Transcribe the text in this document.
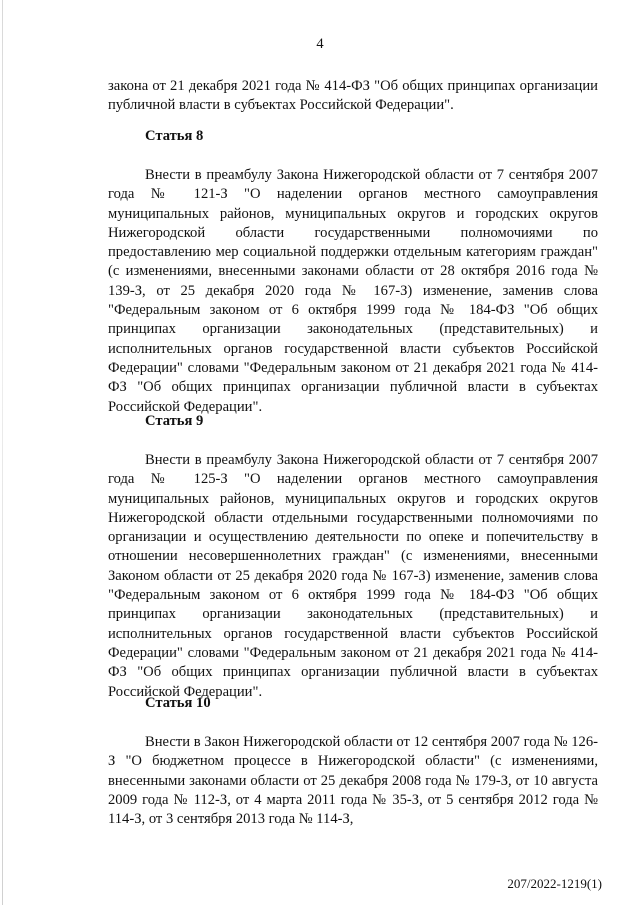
4

закона от 21 декабря 2021 года № 414-ФЗ "Об общих принципах организации публичной власти в субъектах Российской Федерации".

Статья 8

Внести в преамбулу Закона Нижегородской области от 7 сентября 2007 года № 121-З "О наделении органов местного самоуправления муниципальных районов, муниципальных округов и городских округов Нижегородской области государственными полномочиями по предоставлению мер социальной поддержки отдельным категориям граждан" (с изменениями, внесенными законами области от 28 октября 2016 года № 139-З, от 25 декабря 2020 года № 167-З) изменение, заменив слова "Федеральным законом от 6 октября 1999 года № 184-ФЗ "Об общих принципах организации законодательных (представительных) и исполнительных органов государственной власти субъектов Российской Федерации" словами "Федеральным законом от 21 декабря 2021 года № 414-ФЗ "Об общих принципах организации публичной власти в субъектах Российской Федерации".

Статья 9

Внести в преамбулу Закона Нижегородской области от 7 сентября 2007 года № 125-З "О наделении органов местного самоуправления муниципальных районов, муниципальных округов и городских округов Нижегородской области отдельными государственными полномочиями по организации и осуществлению деятельности по опеке и попечительству в отношении несовершеннолетних граждан" (с изменениями, внесенными Законом области от 25 декабря 2020 года № 167-З) изменение, заменив слова "Федеральным законом от 6 октября 1999 года № 184-ФЗ "Об общих принципах организации законодательных (представительных) и исполнительных органов государственной власти субъектов Российской Федерации" словами "Федеральным законом от 21 декабря 2021 года № 414-ФЗ "Об общих принципах организации публичной власти в субъектах Российской Федерации".

Статья 10

Внести в Закон Нижегородской области от 12 сентября 2007 года № 126-З "О бюджетном процессе в Нижегородской области" (с изменениями, внесенными законами области от 25 декабря 2008 года № 179-З, от 10 августа 2009 года № 112-З, от 4 марта 2011 года № 35-З, от 5 сентября 2012 года № 114-З, от 3 сентября 2013 года № 114-З,

207/2022-1219(1)
